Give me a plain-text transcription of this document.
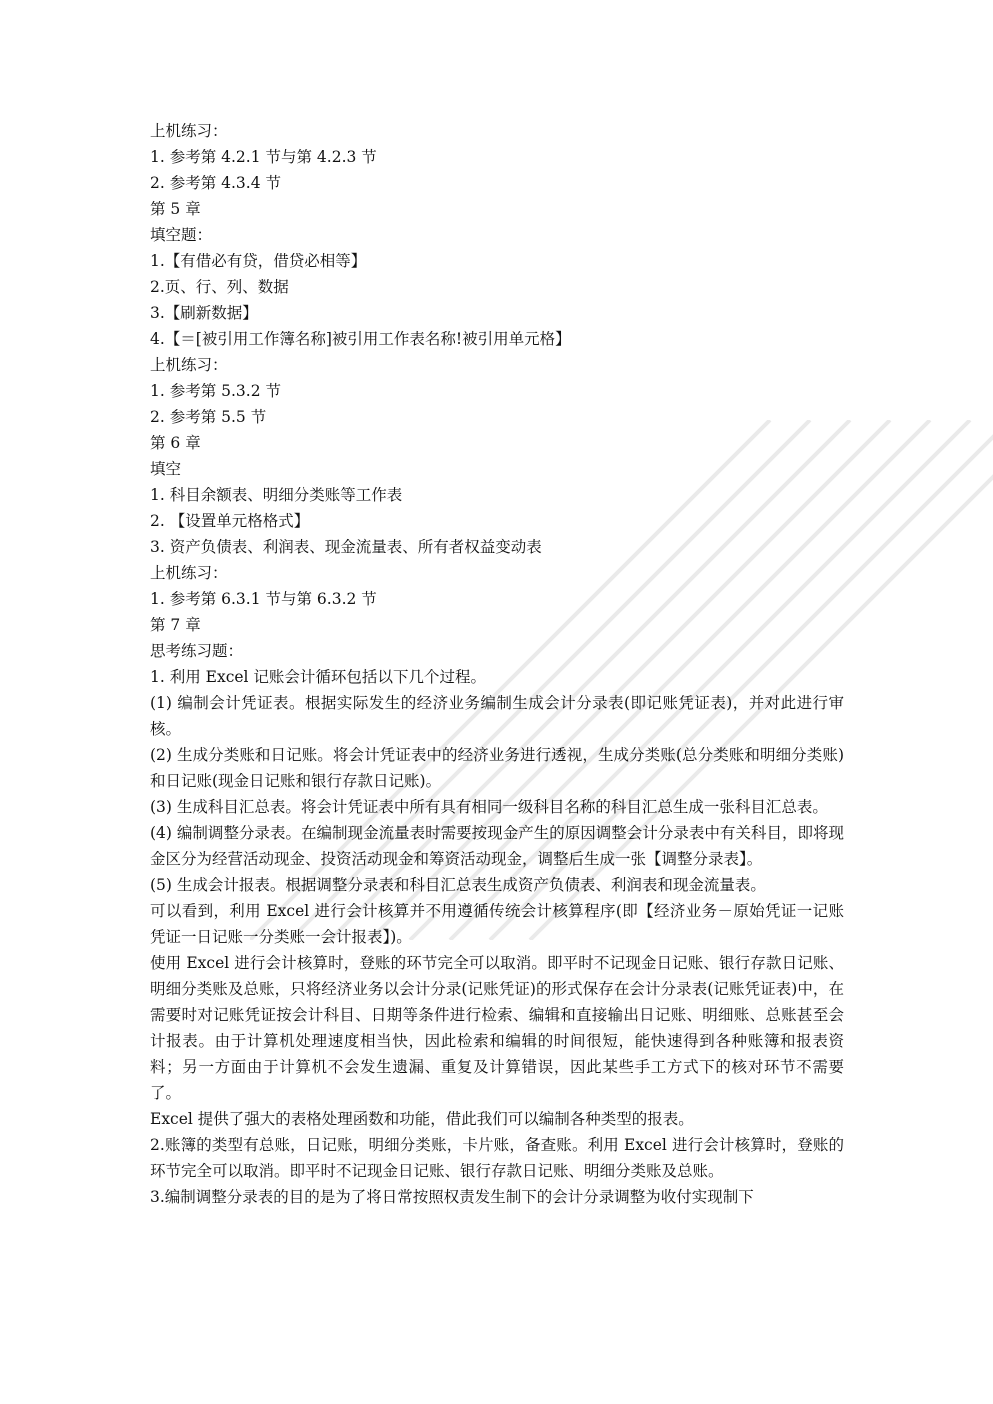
上机练习：
1. 参考第 4.2.1 节与第 4.2.3 节
2. 参考第 4.3.4 节
第 5 章
填空题：
1.【有借必有贷，借贷必相等】
2.页、行、列、数据
3.【刷新数据】
4.【＝[被引用工作簿名称]被引用工作表名称!被引用单元格】
上机练习：
1. 参考第 5.3.2 节
2. 参考第 5.5 节
第 6 章
填空
1. 科目余额表、明细分类账等工作表
2. 【设置单元格格式】
3. 资产负债表、利润表、现金流量表、所有者权益变动表
上机练习：
1. 参考第 6.3.1 节与第 6.3.2 节
第 7 章
思考练习题：
1. 利用 Excel 记账会计循环包括以下几个过程。
(1) 编制会计凭证表。根据实际发生的经济业务编制生成会计分录表(即记账凭证表)，并对此进行审核。
(2) 生成分类账和日记账。将会计凭证表中的经济业务进行透视，生成分类账(总分类账和明细分类账)和日记账(现金日记账和银行存款日记账)。
(3) 生成科目汇总表。将会计凭证表中所有具有相同一级科目名称的科目汇总生成一张科目汇总表。
(4) 编制调整分录表。在编制现金流量表时需要按现金产生的原因调整会计分录表中有关科目，即将现金区分为经营活动现金、投资活动现金和筹资活动现金，调整后生成一张【调整分录表】。
(5) 生成会计报表。根据调整分录表和科目汇总表生成资产负债表、利润表和现金流量表。
可以看到，利用 Excel 进行会计核算并不用遵循传统会计核算程序(即【经济业务－原始凭证一记账凭证一日记账一分类账一会计报表】)。
使用 Excel 进行会计核算时，登账的环节完全可以取消。即平时不记现金日记账、银行存款日记账、明细分类账及总账，只将经济业务以会计分录(记账凭证)的形式保存在会计分录表(记账凭证表)中，在需要时对记账凭证按会计科目、日期等条件进行检索、编辑和直接输出日记账、明细账、总账甚至会计报表。由于计算机处理速度相当快，因此检索和编辑的时间很短，能快速得到各种账簿和报表资料；另一方面由于计算机不会发生遗漏、重复及计算错误，因此某些手工方式下的核对环节不需要了。
Excel 提供了强大的表格处理函数和功能，借此我们可以编制各种类型的报表。
2.账簿的类型有总账，日记账，明细分类账，卡片账，备查账。利用 Excel 进行会计核算时，登账的环节完全可以取消。即平时不记现金日记账、银行存款日记账、明细分类账及总账。
3.编制调整分录表的目的是为了将日常按照权责发生制下的会计分录调整为收付实现制下
